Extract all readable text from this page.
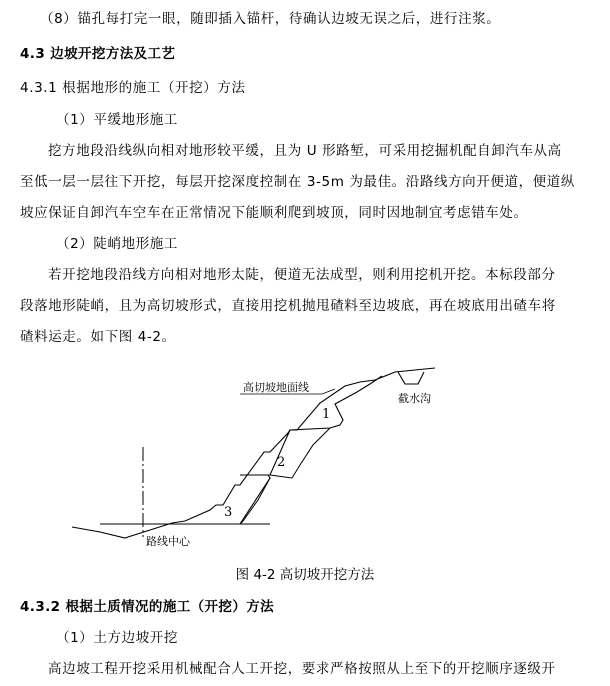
（8）锚孔每打完一眼，随即插入锚杆，待确认边坡无误之后，进行注浆。
4.3 边坡开挖方法及工艺
4.3.1 根据地形的施工（开挖）方法
（1）平缓地形施工
挖方地段沿线纵向相对地形较平缓，且为 U 形路堑，可采用挖掘机配自卸汽车从高
至低一层一层往下开挖，每层开挖深度控制在 3-5m 为最佳。沿路线方向开便道，便道纵
坡应保证自卸汽车空车在正常情况下能顺利爬到坡顶，同时因地制宜考虑错车处。
（2）陡峭地形施工
若开挖地段沿线方向相对地形太陡，便道无法成型，则利用挖机开挖。本标段部分
段落地形陡峭，且为高切坡形式，直接用挖机抛甩碴料至边坡底，再在坡底用出碴车将
碴料运走。如下图 4-2。
高切坡地面线
截水沟
路线中心
1
2
3
图 4-2 高切坡开挖方法
4.3.2 根据土质情况的施工（开挖）方法
（1）土方边坡开挖
高边坡工程开挖采用机械配合人工开挖，要求严格按照从上至下的开挖顺序逐级开
